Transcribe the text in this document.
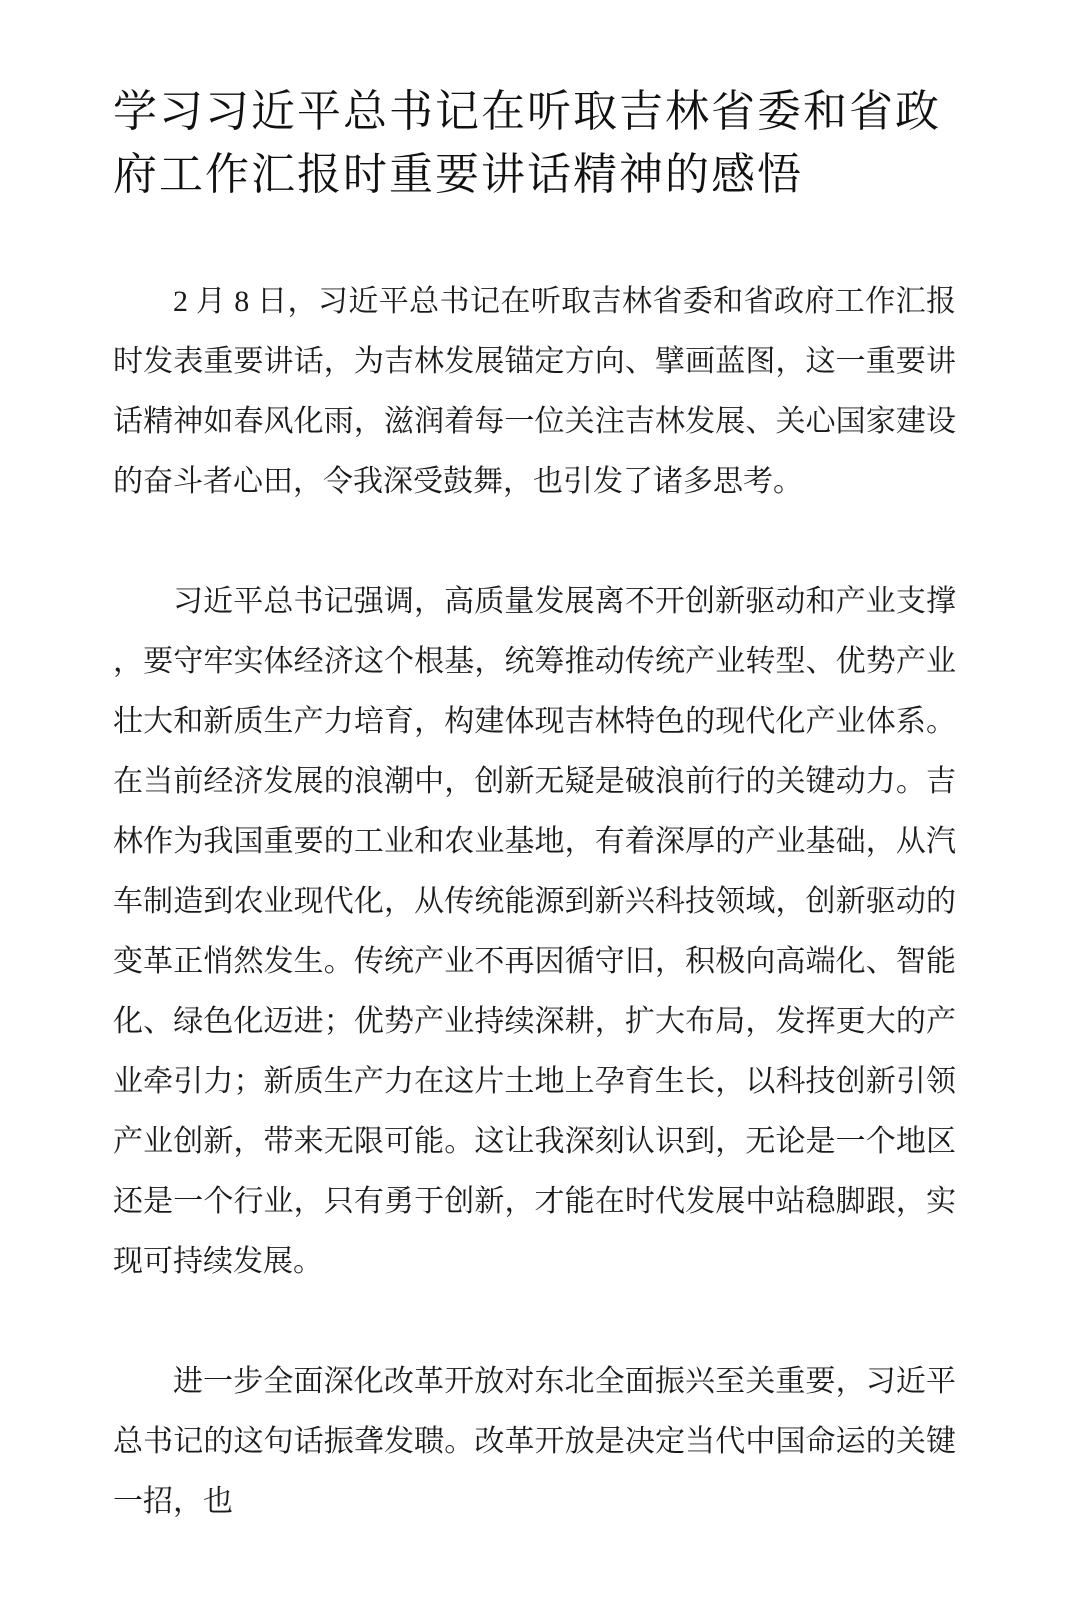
学习习近平总书记在听取吉林省委和省政府工作汇报时重要讲话精神的感悟

2 月 8 日，习近平总书记在听取吉林省委和省政府工作汇报时发表重要讲话，为吉林发展锚定方向、擘画蓝图，这一重要讲话精神如春风化雨，滋润着每一位关注吉林发展、关心国家建设的奋斗者心田，令我深受鼓舞，也引发了诸多思考。

习近平总书记强调，高质量发展离不开创新驱动和产业支撑 ，要守牢实体经济这个根基，统筹推动传统产业转型、优势产业壮大和新质生产力培育，构建体现吉林特色的现代化产业体系。在当前经济发展的浪潮中，创新无疑是破浪前行的关键动力。吉林作为我国重要的工业和农业基地，有着深厚的产业基础，从汽车制造到农业现代化，从传统能源到新兴科技领域，创新驱动的变革正悄然发生。传统产业不再因循守旧，积极向高端化、智能化、绿色化迈进；优势产业持续深耕，扩大布局，发挥更大的产业牵引力；新质生产力在这片土地上孕育生长，以科技创新引领产业创新，带来无限可能。这让我深刻认识到，无论是一个地区还是一个行业，只有勇于创新，才能在时代发展中站稳脚跟，实现可持续发展。

进一步全面深化改革开放对东北全面振兴至关重要，习近平总书记的这句话振聋发聩。改革开放是决定当代中国命运的关键一招，也
